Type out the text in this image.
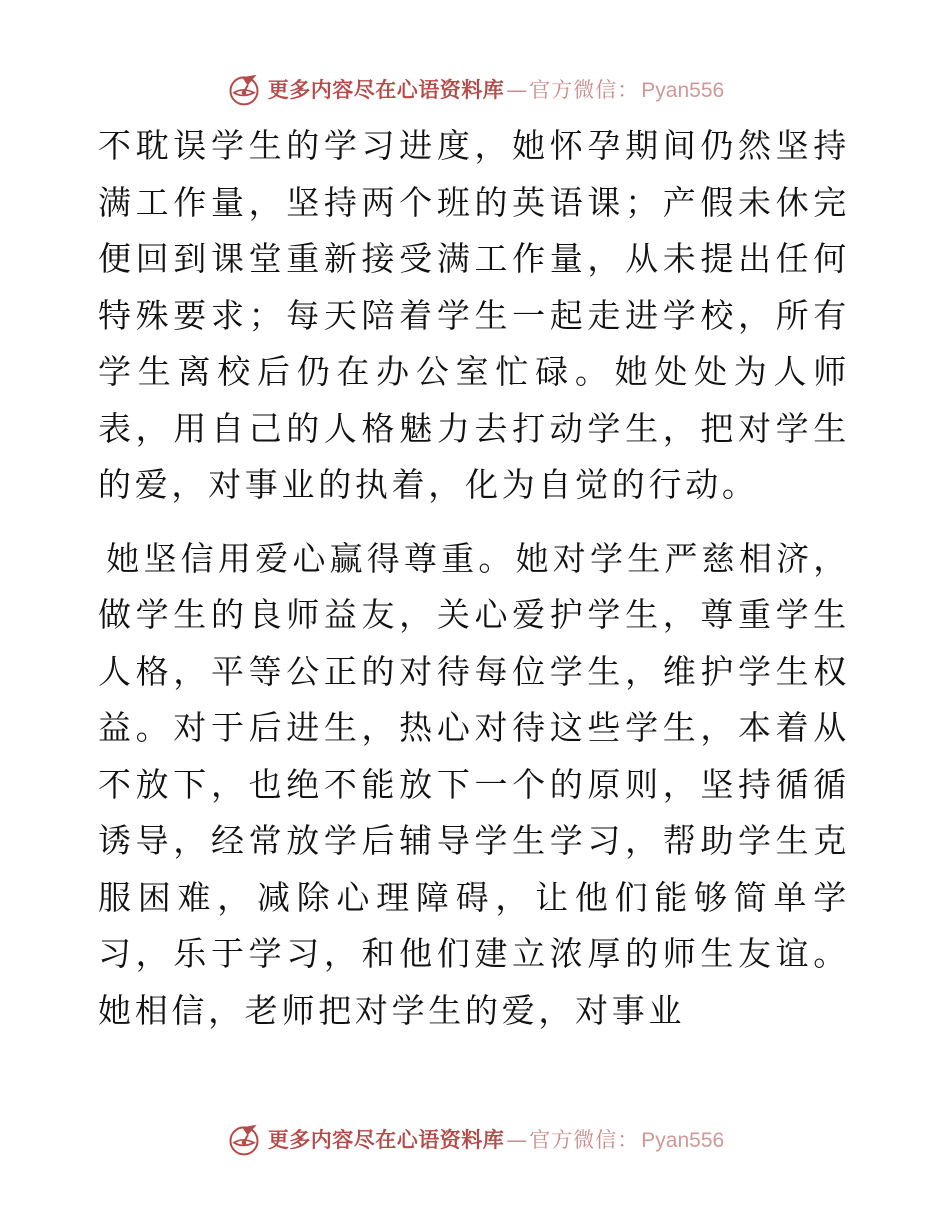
更多内容尽在心语资料库 — 官方微信： Pyan556

不耽误学生的学习进度，她怀孕期间仍然坚持满工作量，坚持两个班的英语课；产假未休完便回到课堂重新接受满工作量，从未提出任何特殊要求；每天陪着学生一起走进学校，所有学生离校后仍在办公室忙碌。她处处为人师表，用自己的人格魅力去打动学生，把对学生的爱，对事业的执着，化为自觉的行动。

她坚信用爱心赢得尊重。她对学生严慈相济，做学生的良师益友，关心爱护学生，尊重学生人格，平等公正的对待每位学生，维护学生权益。对于后进生，热心对待这些学生，本着从不放下，也绝不能放下一个的原则，坚持循循诱导，经常放学后辅导学生学习，帮助学生克服困难，减除心理障碍，让他们能够简单学习，乐于学习，和他们建立浓厚的师生友谊。她相信，老师把对学生的爱，对事业

更多内容尽在心语资料库 — 官方微信： Pyan556
